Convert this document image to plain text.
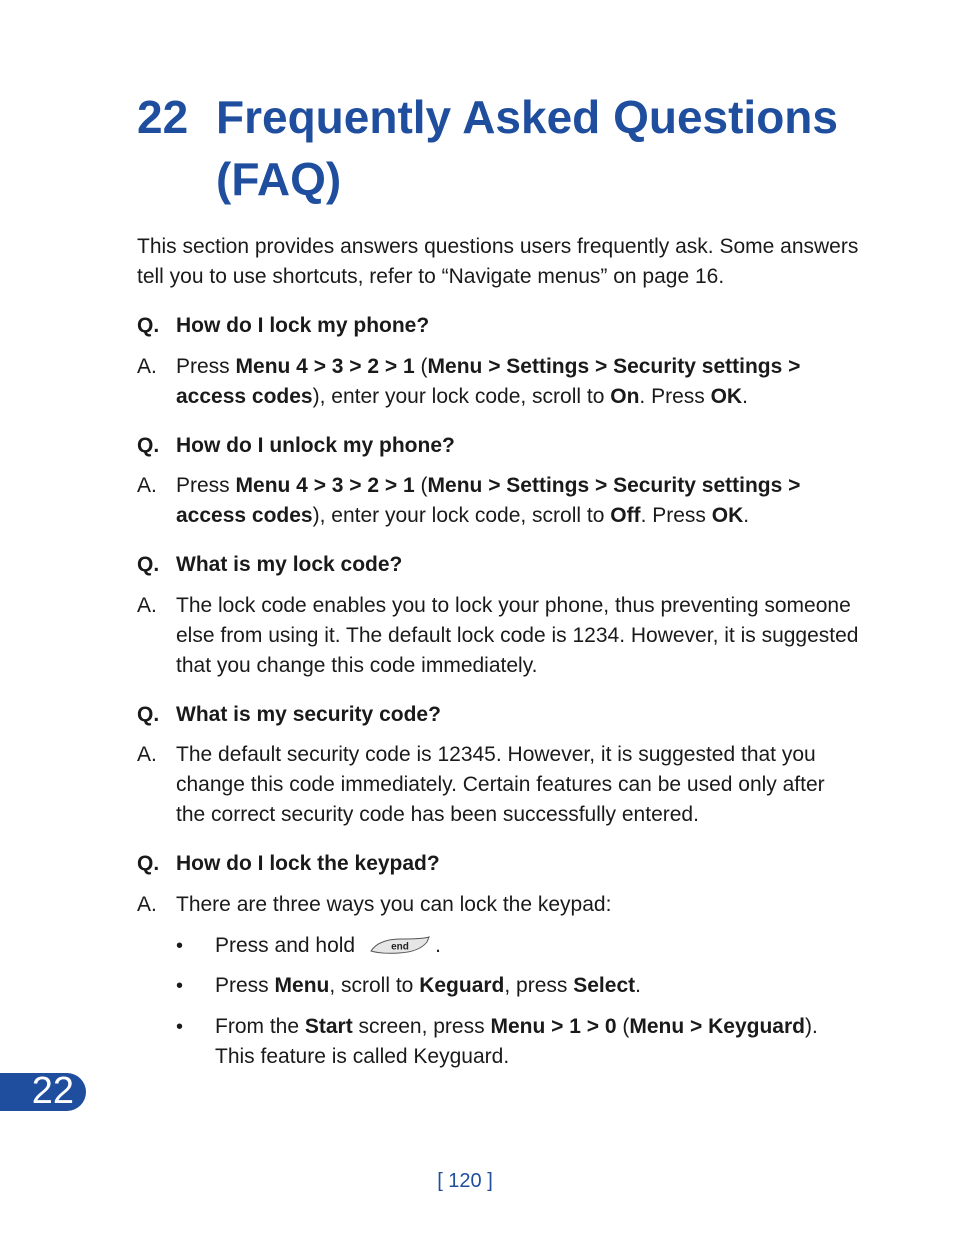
22 Frequently Asked Questions
(FAQ)
This section provides answers questions users frequently ask. Some answers
tell you to use shortcuts, refer to “Navigate menus” on page 16.
Q. How do I lock my phone?
A. Press Menu 4 > 3 > 2 > 1 (Menu > Settings > Security settings >
access codes), enter your lock code, scroll to On. Press OK.
Q. How do I unlock my phone?
A. Press Menu 4 > 3 > 2 > 1 (Menu > Settings > Security settings >
access codes), enter your lock code, scroll to Off. Press OK.
Q. What is my lock code?
A. The lock code enables you to lock your phone, thus preventing someone
else from using it. The default lock code is 1234. However, it is suggested
that you change this code immediately.
Q. What is my security code?
A. The default security code is 12345. However, it is suggested that you
change this code immediately. Certain features can be used only after
the correct security code has been successfully entered.
Q. How do I lock the keypad?
A. There are three ways you can lock the keypad:
• Press and hold	end .
• Press Menu, scroll to Keguard, press Select.
• From the Start screen, press Menu > 1 > 0 (Menu > Keyguard).
This feature is called Keyguard.
22
[ 120 ]
